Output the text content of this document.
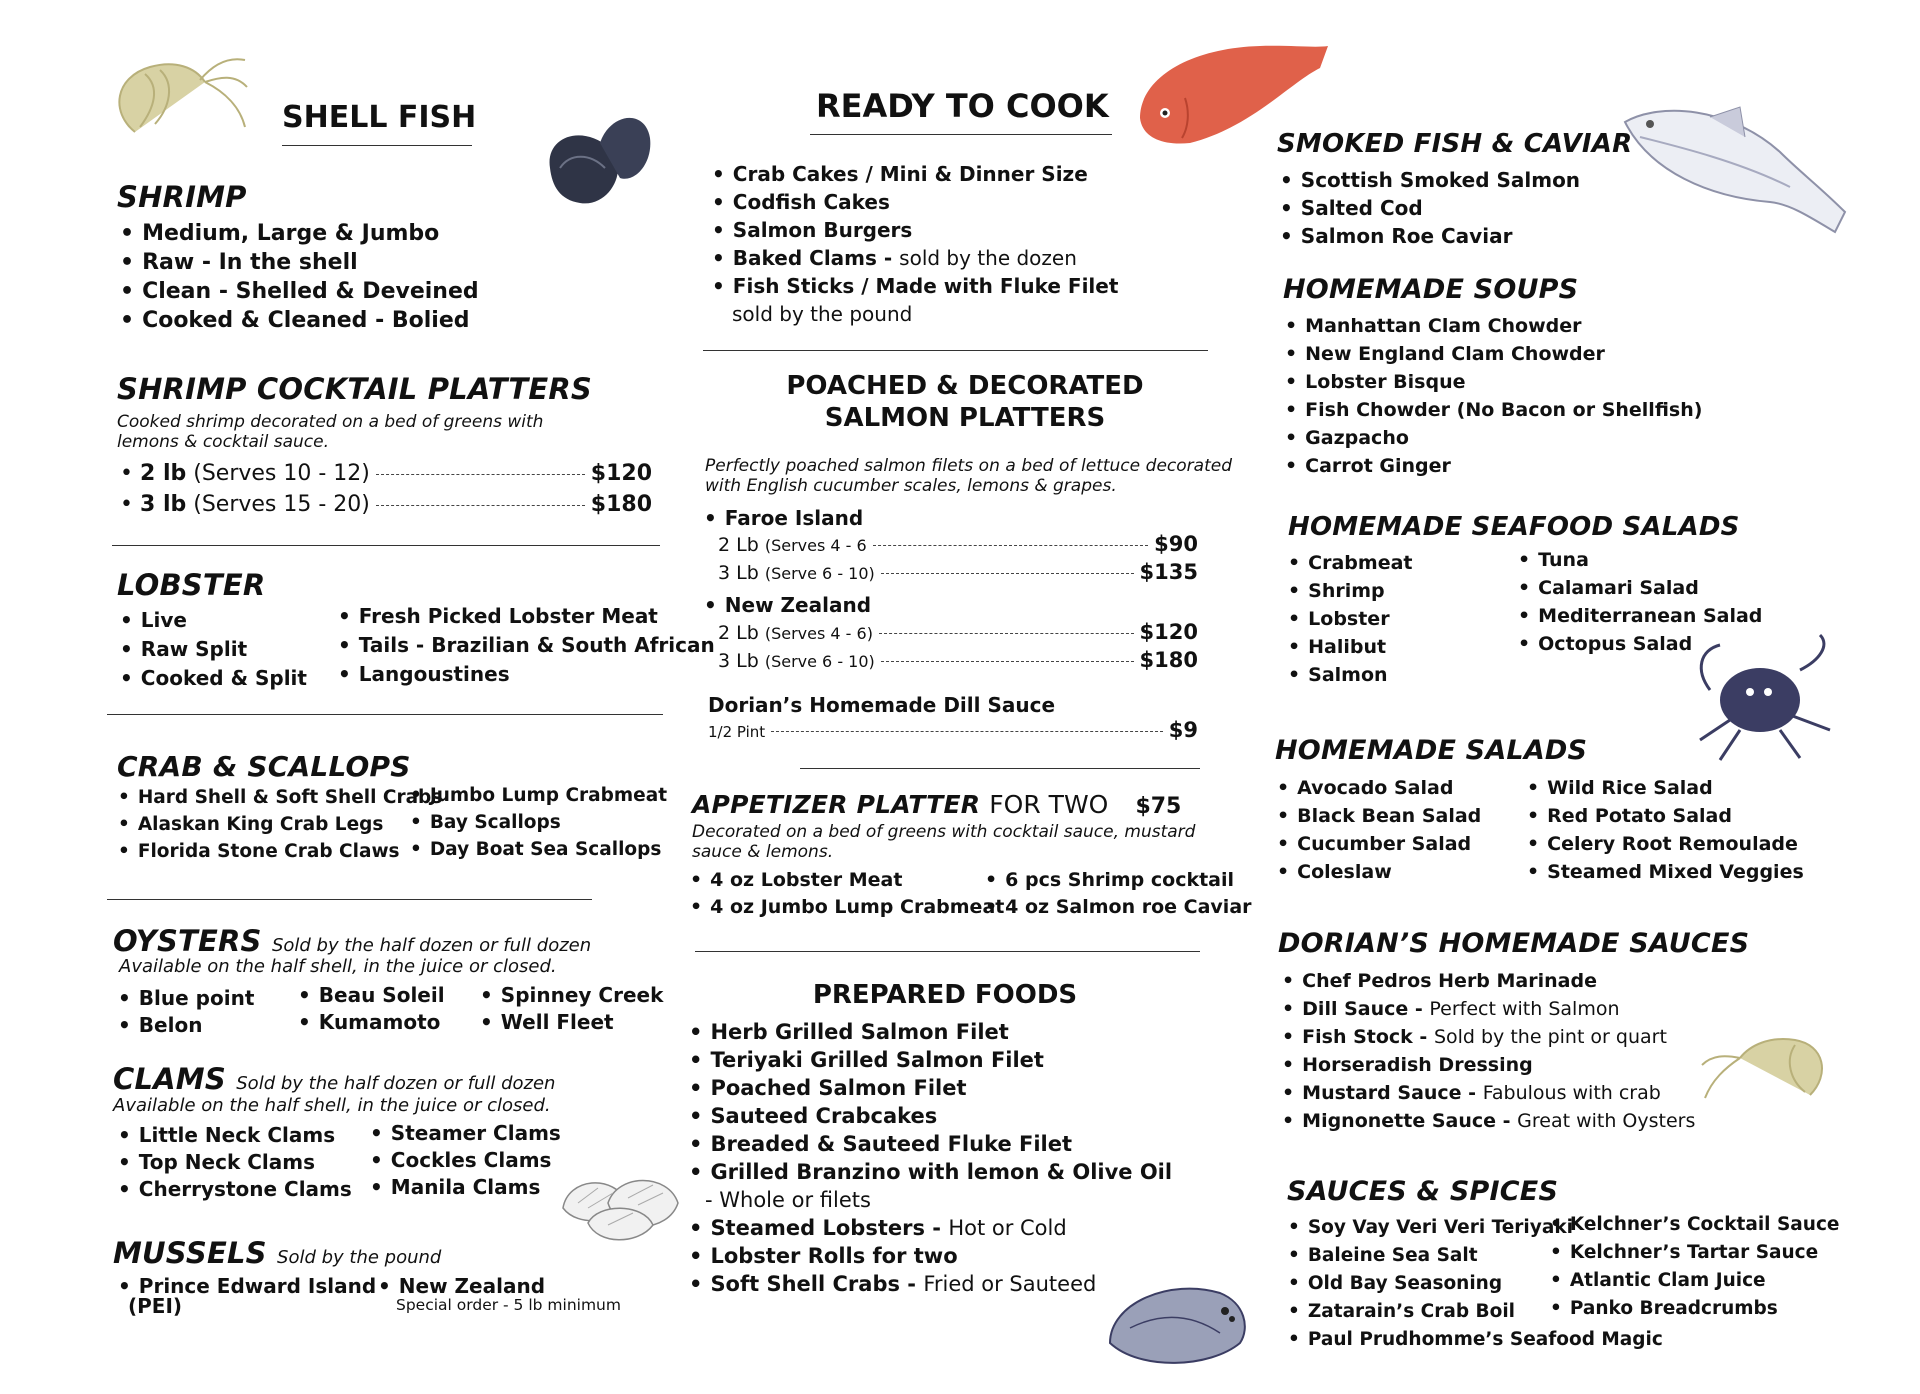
SHELL FISH
SHRIMP
• Medium, Large & Jumbo
• Raw - In the shell
• Clean - Shelled & Deveined
• Cooked & Cleaned - Bolied
SHRIMP COCKTAIL PLATTERS
Cooked shrimp decorated on a bed of greens with lemons & cocktail sauce.
• 2 lb (Serves 10 - 12)	$120
• 3 lb (Serves 15 - 20)	$180
LOBSTER
• Live
• Raw Split
• Cooked & Split
• Fresh Picked Lobster Meat
• Tails - Brazilian & South African
• Langoustines
CRAB & SCALLOPS
• Hard Shell & Soft Shell Crabs
• Alaskan King Crab Legs
• Florida Stone Crab Claws
• Jumbo Lump Crabmeat
• Bay Scallops
• Day Boat Sea Scallops
OYSTERS Sold by the half dozen or full dozen
Available on the half shell, in the juice or closed.
• Blue point
• Belon
• Beau Soleil
• Kumamoto
• Spinney Creek
• Well Fleet
CLAMS Sold by the half dozen or full dozen
Available on the half shell, in the juice or closed.
• Little Neck Clams
• Top Neck Clams
• Cherrystone Clams
• Steamer Clams
• Cockles Clams
• Manila Clams
MUSSELS Sold by the pound
• Prince Edward Island
(PEI)
• New Zealand
Special order - 5 lb minimum
READY TO COOK
• Crab Cakes / Mini & Dinner Size
• Codfish Cakes
• Salmon Burgers
• Baked Clams - sold by the dozen
• Fish Sticks / Made with Fluke Filet
sold by the pound
POACHED & DECORATED
SALMON PLATTERS
Perfectly poached salmon filets on a bed of lettuce decorated with English cucumber scales, lemons & grapes.
• Faroe Island
2 Lb (Serves 4 - 6	$90
3 Lb (Serve 6 - 10)	$135
• New Zealand
2 Lb (Serves 4 - 6)	$120
3 Lb (Serve 6 - 10)	$180
Dorian’s Homemade Dill Sauce
1/2 Pint	$9
APPETIZER PLATTER FOR TWO $75
Decorated on a bed of greens with cocktail sauce, mustard sauce & lemons.
• 4 oz Lobster Meat
• 4 oz Jumbo Lump Crabmeat
• 6 pcs Shrimp cocktail
• 4 oz Salmon roe Caviar
PREPARED FOODS
• Herb Grilled Salmon Filet
• Teriyaki Grilled Salmon Filet
• Poached Salmon Filet
• Sauteed Crabcakes
• Breaded & Sauteed Fluke Filet
• Grilled Branzino with lemon & Olive Oil
- Whole or filets
• Steamed Lobsters - Hot or Cold
• Lobster Rolls for two
• Soft Shell Crabs - Fried or Sauteed
SMOKED FISH & CAVIAR
• Scottish Smoked Salmon
• Salted Cod
• Salmon Roe Caviar
HOMEMADE SOUPS
• Manhattan Clam Chowder
• New England Clam Chowder
• Lobster Bisque
• Fish Chowder (No Bacon or Shellfish)
• Gazpacho
• Carrot Ginger
HOMEMADE SEAFOOD SALADS
• Crabmeat
• Shrimp
• Lobster
• Halibut
• Salmon
• Tuna
• Calamari Salad
• Mediterranean Salad
• Octopus Salad
HOMEMADE SALADS
• Avocado Salad
• Black Bean Salad
• Cucumber Salad
• Coleslaw
• Wild Rice Salad
• Red Potato Salad
• Celery Root Remoulade
• Steamed Mixed Veggies
DORIAN’S HOMEMADE SAUCES
• Chef Pedros Herb Marinade
• Dill Sauce - Perfect with Salmon
• Fish Stock - Sold by the pint or quart
• Horseradish Dressing
• Mustard Sauce - Fabulous with crab
• Mignonette Sauce - Great with Oysters
SAUCES & SPICES
• Soy Vay Veri Veri Teriyaki
• Baleine Sea Salt
• Old Bay Seasoning
• Zatarain’s Crab Boil
• Paul Prudhomme’s Seafood Magic
• Kelchner’s Cocktail Sauce
• Kelchner’s Tartar Sauce
• Atlantic Clam Juice
• Panko Breadcrumbs
